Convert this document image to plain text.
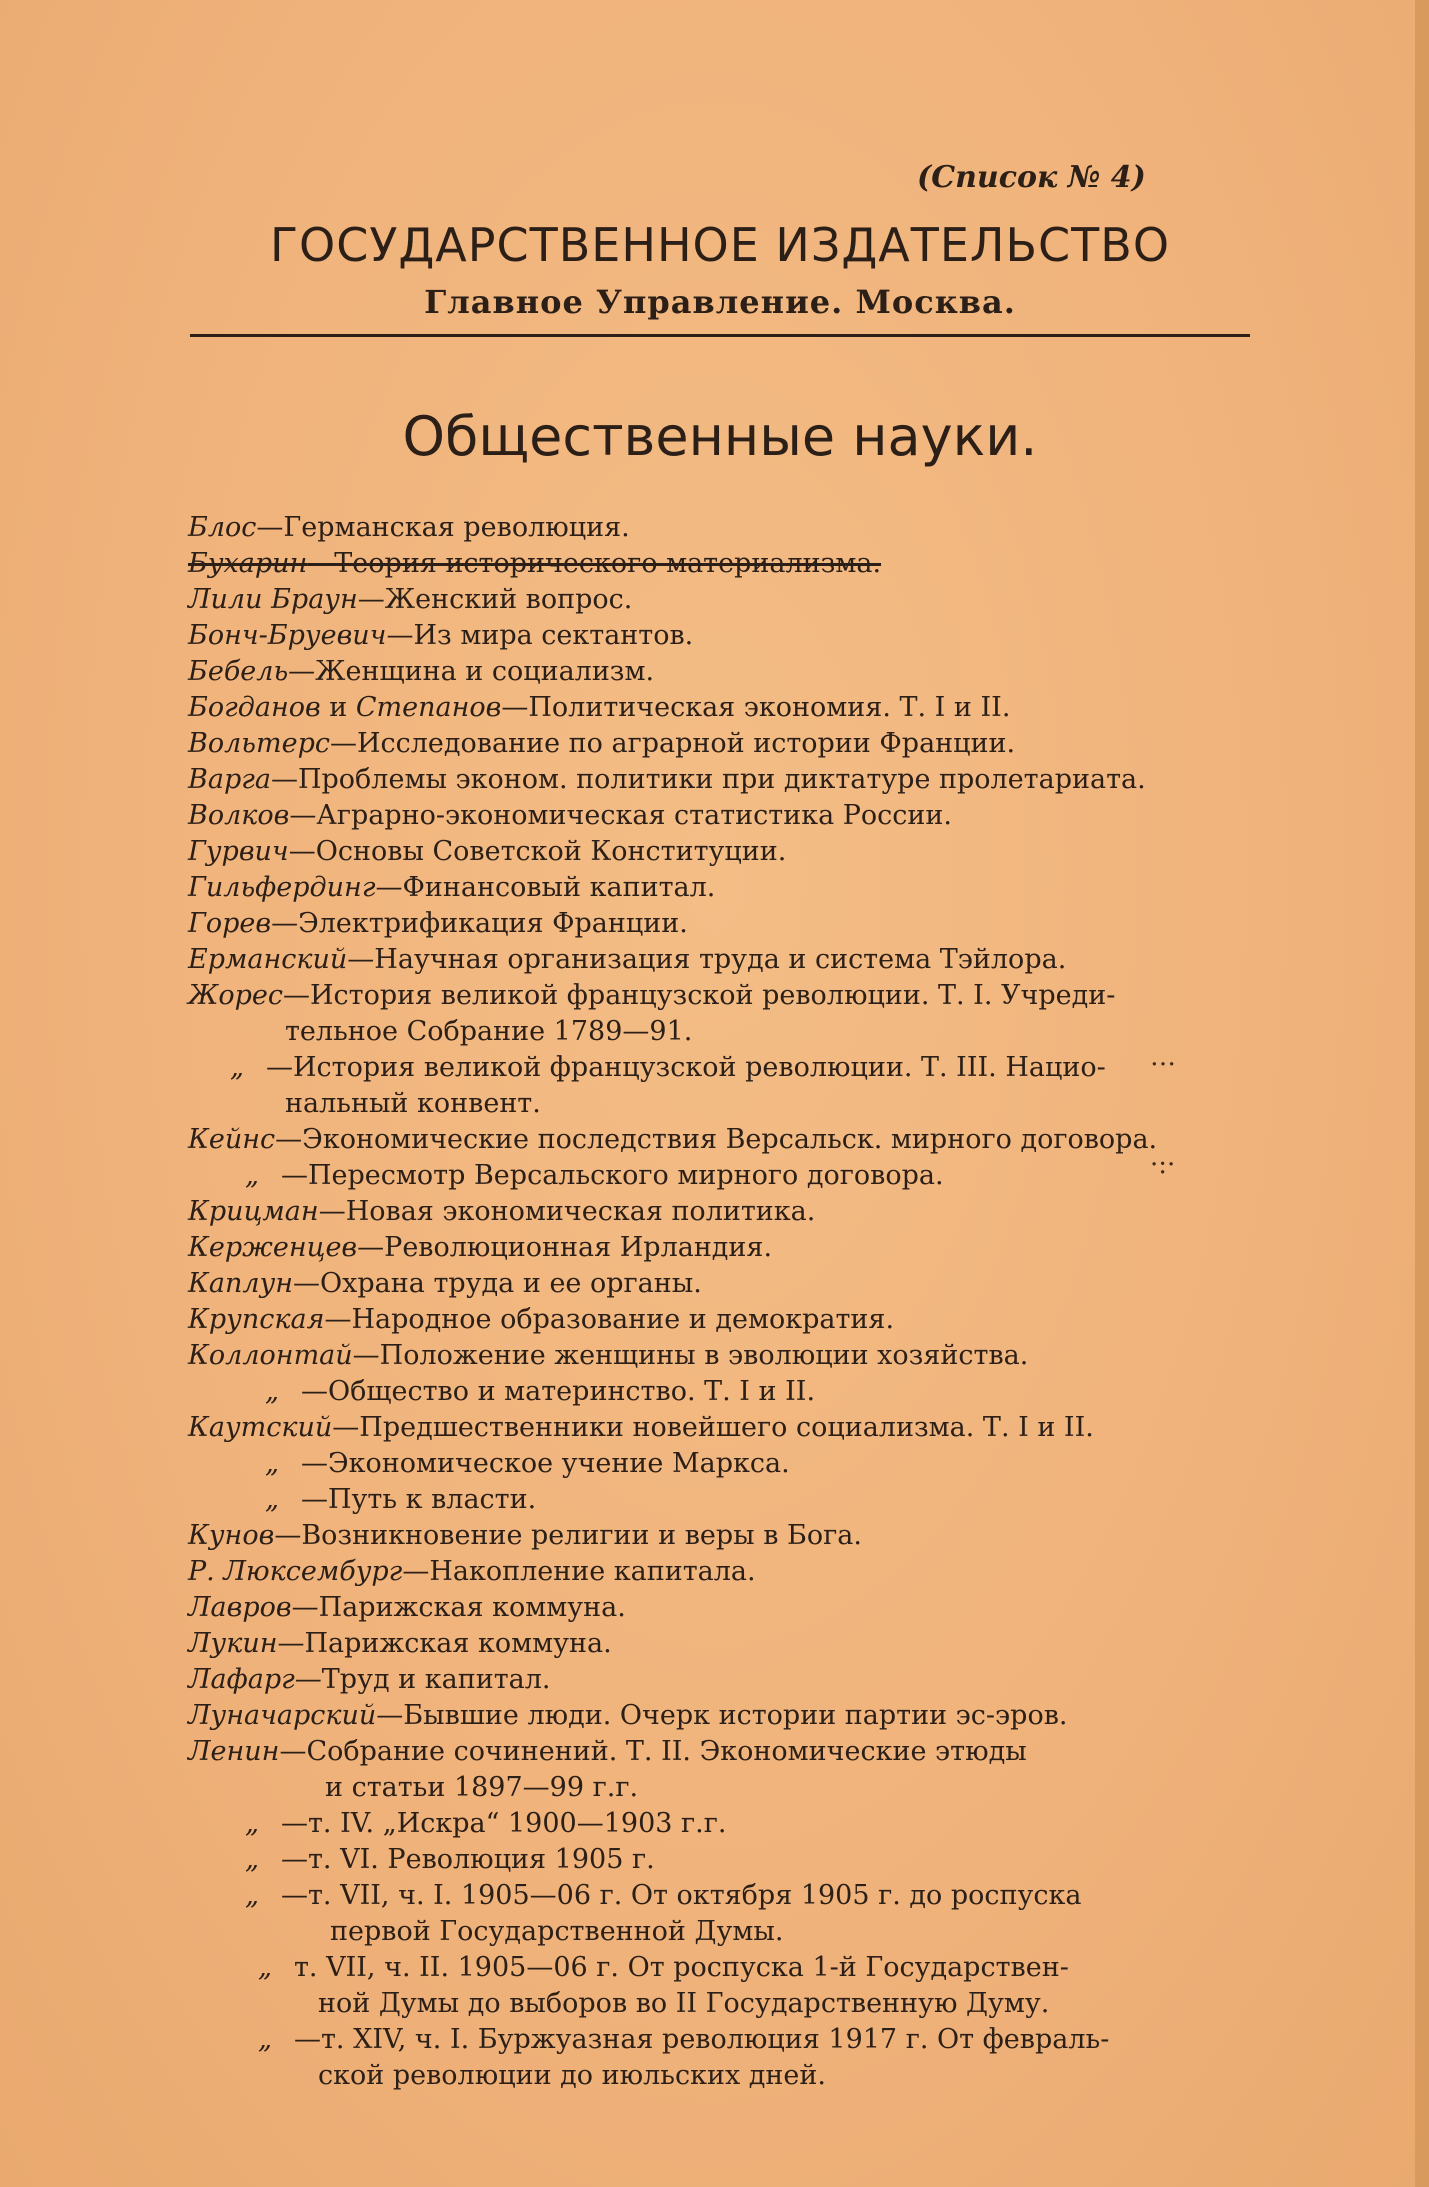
(Список № 4)
ГОСУДАРСТВЕННОЕ ИЗДАТЕЛЬСТВО
Главное Управление. Москва.
Общественные науки.
Блос—Германская революция.
Бухарин—Теория исторического материализма.
Лили Браун—Женский вопрос.
Бонч-Бруевич—Из мира сектантов.
Бебель—Женщина и социализм.
Богданов и Степанов—Политическая экономия. Т. I и II.
Вольтерс—Исследование по аграрной истории Франции.
Варга—Проблемы эконом. политики при диктатуре пролетариата.
Волков—Аграрно-экономическая статистика России.
Гурвич—Основы Советской Конституции.
Гильфердинг—Финансовый капитал.
Горев—Электрификация Франции.
Ерманский—Научная организация труда и система Тэйлора.
Жорес—История великой французской революции. Т. I. Учреди-
тельное Собрание 1789—91.
„ —История великой французской революции. Т. III. Нацио-
нальный конвент.
Кейнс—Экономические последствия Версальск. мирного договора.
„ —Пересмотр Версальского мирного договора.
Крицман—Новая экономическая политика.
Керженцев—Революционная Ирландия.
Каплун—Охрана труда и ее органы.
Крупская—Народное образование и демократия.
Коллонтай—Положение женщины в эволюции хозяйства.
„ —Общество и материнство. Т. I и II.
Каутский—Предшественники новейшего социализма. Т. I и II.
„ —Экономическое учение Маркса.
„ —Путь к власти.
Кунов—Возникновение религии и веры в Бога.
Р. Люксембург—Накопление капитала.
Лавров—Парижская коммуна.
Лукин—Парижская коммуна.
Лафарг—Труд и капитал.
Луначарский—Бывшие люди. Очерк истории партии эс-эров.
Ленин—Собрание сочинений. Т. II. Экономические этюды
и статьи 1897—99 г.г.
„ —т. IV. „Искра“ 1900—1903 г.г.
„ —т. VI. Революция 1905 г.
„ —т. VII, ч. I. 1905—06 г. От октября 1905 г. до роспуска
первой Государственной Думы.
„ т. VII, ч. II. 1905—06 г. От роспуска 1-й Государствен-
ной Думы до выборов во II Государственную Думу.
„ —т. XIV, ч. I. Буржуазная революция 1917 г. От февраль-
ской революции до июльских дней.
…
·:·
